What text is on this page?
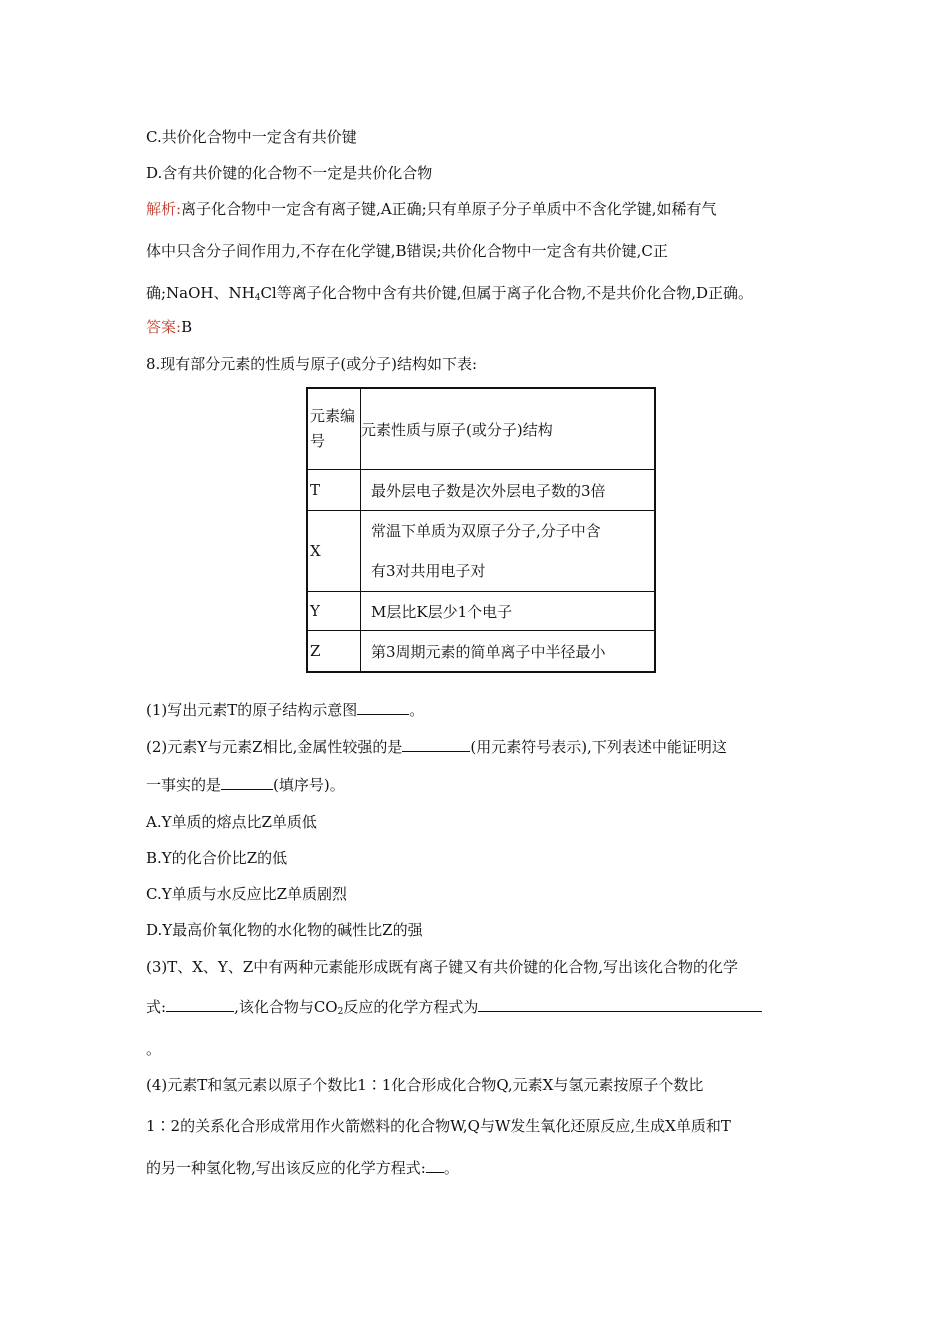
C.共价化合物中一定含有共价键
D.含有共价键的化合物不一定是共价化合物
解析:离子化合物中一定含有离子键,A正确;只有单原子分子单质中不含化学键,如稀有气
体中只含分子间作用力,不存在化学键,B错误;共价化合物中一定含有共价键,C正
确;NaOH、$NH_4Cl$等离子化合物中含有共价键,但属于离子化合物,不是共价化合物,D正确。
答案:B
8.现有部分元素的性质与原子(或分子)结构如下表:
元素编
号	元素性质与原子(或分子)结构
T	最外层电子数是次外层电子数的3倍
X	常温下单质为双原子分子,分子中含
有3对共用电子对
Y	M层比K层少1个电子
Z	第3周期元素的简单离子中半径最小
(1)写出元素T的原子结构示意图	。
(2)元素Y与元素Z相比,金属性较强的是	(用元素符号表示),下列表述中能证明这
一事实的是	(填序号)。
A.Y单质的熔点比Z单质低
B.Y的化合价比Z的低
C.Y单质与水反应比Z单质剧烈
D.Y最高价氧化物的水化物的碱性比Z的强
(3)T、X、Y、Z中有两种元素能形成既有离子键又有共价键的化合物,写出该化合物的化学
式:	,该化合物与$CO_2$反应的化学方程式为
。
(4)元素T和氢元素以原子个数比1∶1化合形成化合物Q,元素X与氢元素按原子个数比
1∶2的关系化合形成常用作火箭燃料的化合物W,Q与W发生氧化还原反应,生成X单质和T
的另一种氢化物,写出该反应的化学方程式: 。
